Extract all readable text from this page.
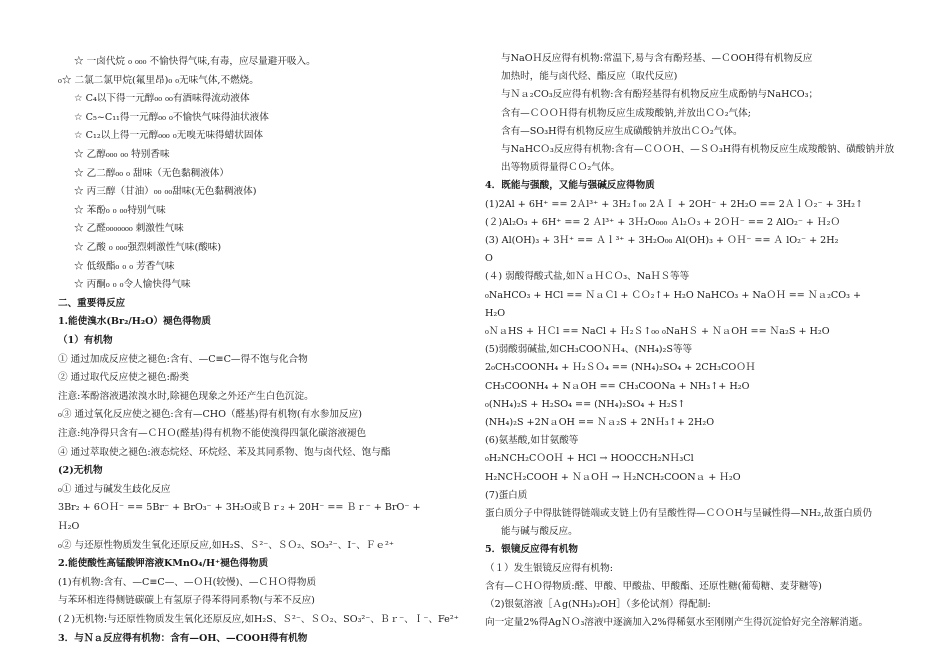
☆ 一卤代烷 ₀ ₀₀₀ 不愉快得气味,有毒，应尽量避开吸入。
₀☆ 二氯二氯甲烷(氟里昂)₀ ₀无味气体,不燃烧。
☆ C₄以下得一元醇₀₀ ₀₀有酒味得流动液体
☆ C₅~C₁₁得一元醇₀₀ ₀不愉快气味得油状液体
☆ C₁₂以上得一元醇₀₀₀ ₀无嗅无味得蜡状固体
☆ 乙醇₀₀₀ ₀₀ 特别香味
☆ 乙二醇₀₀ ₀ 甜味（无色黏稠液体）
☆ 丙三醇（甘油）₀₀ ₀₀甜味(无色黏稠液体)
☆ 苯酚₀ ₀ ₀₀特别气味
☆ 乙醛₀₀₀₀₀₀₀ 刺激性气味
☆ 乙酸 ₀ ₀₀₀强烈刺激性气味(酸味)
☆ 低级酯₀ ₀ ₀ 芳香气味
☆ 丙酮₀ ₀ ₀令人愉快得气味
二、重要得反应
1.能使溴水(Br₂/H₂O）褪色得物质
（1）有机物
① 通过加成反应使之褪色:含有、—C≡C—得不饱与化合物
② 通过取代反应使之褪色:酚类
注意:苯酚溶液遇浓溴水时,除褪色现象之外还产生白色沉淀。
₀③ 通过氧化反应使之褪色:含有—CHO（醛基)得有机物(有水参加反应)
注意:纯净得只含有—ＣＨＯ(醛基)得有机物不能使溴得四氯化碳溶液褪色
④ 通过萃取使之褪色:液态烷烃、环烷烃、苯及其同系物、饱与卤代烃、饱与酯
(2)无机物
₀① 通过与碱发生歧化反应
3Br₂ + 6ＯＨ⁻ == 5Br⁻ + BrO₃⁻ + 3H₂O或Ｂｒ₂ + 20H⁻ == Ｂｒ⁻ + BrO⁻ +
Ｈ₂O
₀② 与还原性物质发生氧化还原反应,如H₂S、Ｓ²⁻、ＳＯ₂、SO₃²⁻、I⁻、Ｆｅ²⁺
2.能使酸性高锰酸钾溶液KMnO₄/H⁺褪色得物质
(1)有机物:含有、—C≡C—、—ＯＨ(较慢)、—ＣＨＯ得物质
与苯环相连得侧链碳碳上有氢原子得苯得同系物(与苯不反应)
(２)无机物:与还原性物质发生氧化还原反应,如H₂S、Ｓ²⁻、ＳＯ₂、SO₃²⁻、Ｂｒ⁻、Ｉ⁻、Fe²⁺
3．与Ｎａ反应得有机物：含有—OH、—COOH得有机物
与NaOＨ反应得有机物:常温下,易与含有酚羟基、—ＣOOH得有机物反应
加热时，能与卤代烃、酯反应（取代反应)
与Ｎａ₂CO₃反应得有机物:含有酚羟基得有机物反应生成酚钠与NaHCO₃；
含有—ＣＯＯＨ得有机物反应生成羧酸钠,并放出ＣＯ₂气体;
含有—SO₃H得有机物反应生成磺酸钠并放出ＣＯ₂气体。
与NaHCＯ₃反应得有机物:含有—ＣＯＯH、—ＳＯ₃H得有机物反应生成羧酸钠、磺酸钠并放
出等物质得量得ＣＯ₂气体。
4．既能与强酸，又能与强碱反应得物质
(1)2Al + 6H⁺ == 2Ａl³⁺ + 3H₂↑₀₀ 2ＡＩ + 2OH⁻ + 2H₂O == 2ＡｌＯ₂⁻ + 3H₂↑
(２)Al₂O₃ + 6H⁺ == 2 Ａl³⁺ + 3Ｈ₂O₀₀₀ Ａl₂Ｏ₃ + 2ＯＨ⁻ == 2 AlO₂⁻ + Ｈ₂Ｏ
(3) Al(OH)₃ + 3Ｈ⁺ == Ａｌ³⁺ + 3H₂O₀₀ Al(OH)₃ + ＯＨ⁻ == Ａ lO₂⁻ + 2H₂
O
(４) 弱酸得酸式盐,如ＮａＨＣＯ₃、NaＨＳ等等
₀NaHCO₃ + HCl == ＮａＣl + ＣＯ₂↑+ H₂O NaHCO₃ + NaＯＨ == Ｎａ₂CO₃ +
H₂O
₀ＮａHS + ＨＣl == NaCl + Ｈ₂Ｓ↑₀₀ ₀NaHＳ + ＮａOH == Ｎa₂S + H₂O
(5)弱酸弱碱盐,如CH₃COOＮＨ₄、(NH₄)₂S等等
2₀CH₃COONH₄ + Ｈ₂ＳＯ₄ == (NH₄)₂SO₄ + 2CH₃COＯＨ
CH₃COONH₄ + NａOH == CH₃COONa + NH₃↑+ H₂O
₀(NH₄)₂S + H₂SO₄ == (NH₄)₂SO₄ + H₂S↑
(NH₄)₂S +2NａOH == Ｎａ₂S + 2NＨ₃↑+ 2H₂O
(6)氨基酸,如甘氨酸等
₀H₂NCH₂CＯOＨ + HCl → HOOCCH₂NＨ₃Cl
H₂NCＨ₂COOH + ＮａOＨ → Ｈ₂NCH₂COONａ + Ｈ₂O
(7)蛋白质
蛋白质分子中得肽链得链端或支链上仍有呈酸性得—ＣＯＯH与呈碱性得—NH₂,故蛋白质仍
能与碱与酸反应。
5．银镜反应得有机物
（１）发生银镜反应得有机物:
含有—ＣＨＯ得物质:醛、甲酸、甲酸盐、甲酸酯、还原性糖(葡萄糖、麦芽糖等)
（2)银氨溶液［Ａg(NH₃)₂OH］（多伦试剂）得配制:
向一定量2%得AgＮＯ₃溶液中逐滴加入2%得稀氨水至刚刚产生得沉淀恰好完全溶解消逝。
